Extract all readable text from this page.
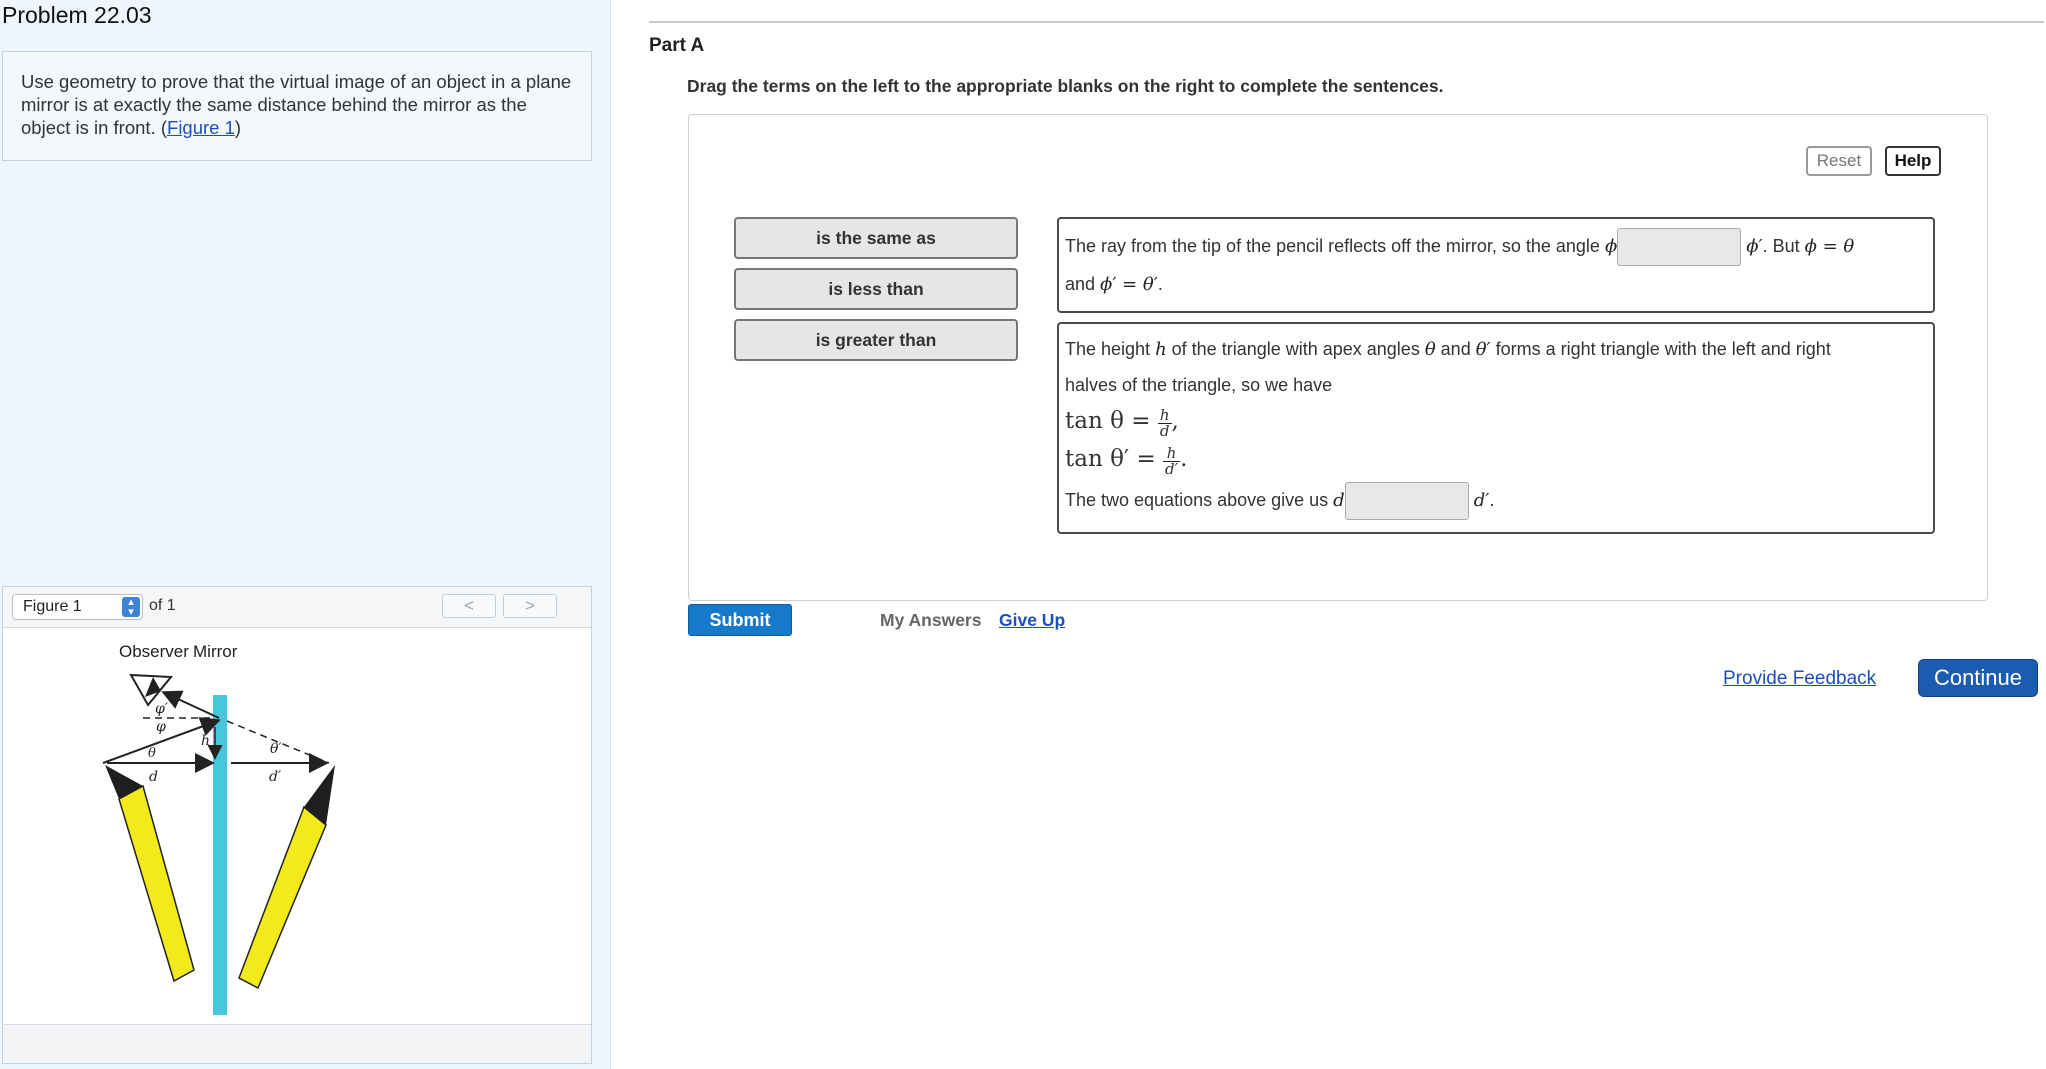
Problem 22.03
Use geometry to prove that the virtual image of an object in a plane mirror is at exactly the same distance behind the mirror as the object is in front. (Figure 1)
Figure 1	▴
▾ of 1	<	>
Observer Mirror
φ′
φ
θ
h	θ′
d	d′
Part A
Drag the terms on the left to the appropriate blanks on the right to complete the sentences.
Reset	Help
is the same as
is less than
is greater than
The ray from the tip of the pencil reflects off the mirror, so the angle ϕ	ϕ′. But ϕ = θ
and ϕ′ = θ′.
The height h of the triangle with apex angles θ and θ′ forms a right triangle with the left and right
halves of the triangle, so we have
$\tan \theta = \frac{h}{d}$ ,
$\tan \theta' = \frac{h}{d'}$ .
The two equations above give us d	d′.
Submit	My Answers Give Up
Provide Feedback	Continue
